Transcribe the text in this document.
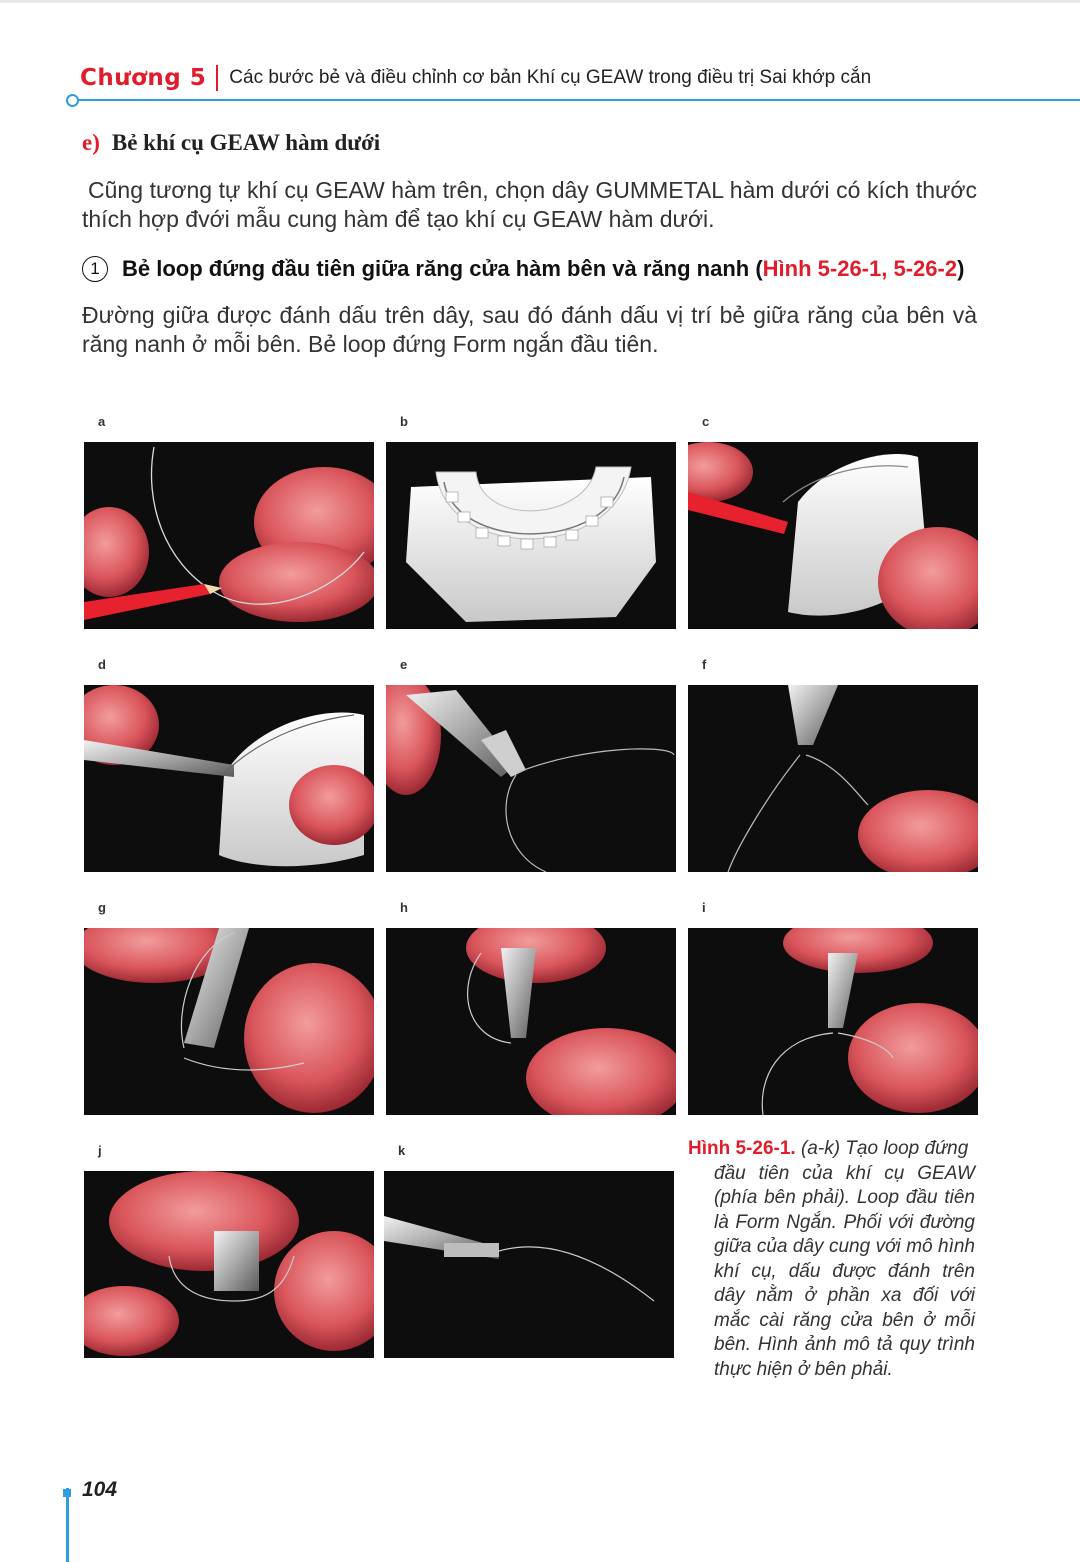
Chương 5 Các bước bẻ và điều chỉnh cơ bản Khí cụ GEAW trong điều trị Sai khớp cắn
e) Bẻ khí cụ GEAW hàm dưới
Cũng tương tự khí cụ GEAW hàm trên, chọn dây GUMMETAL hàm dưới có kích thước thích hợp đvới mẫu cung hàm để tạo khí cụ GEAW hàm dưới.
1	Bẻ loop đứng đầu tiên giữa răng cửa hàm bên và răng nanh ( Hình 5-26-1, 5-26-2 )
Đường giữa được đánh dấu trên dây, sau đó đánh dấu vị trí bẻ giữa răng của bên và răng nanh ở mỗi bên. Bẻ loop đứng Form ngắn đầu tiên.
a	b	c
d	e	f
g	h	i
j	k	Hình 5-26-1. (a-k) Tạo loop đứng
đầu tiên của khí cụ GEAW (phía bên phải). Loop đầu tiên là Form Ngắn. Phối với đường giữa của dây cung với mô hình khí cụ, dấu được đánh trên dây nằm ở phần xa đối với mắc cài răng cửa bên ở mỗi bên. Hình ảnh mô tả quy trình thực hiện ở bên phải.
104
